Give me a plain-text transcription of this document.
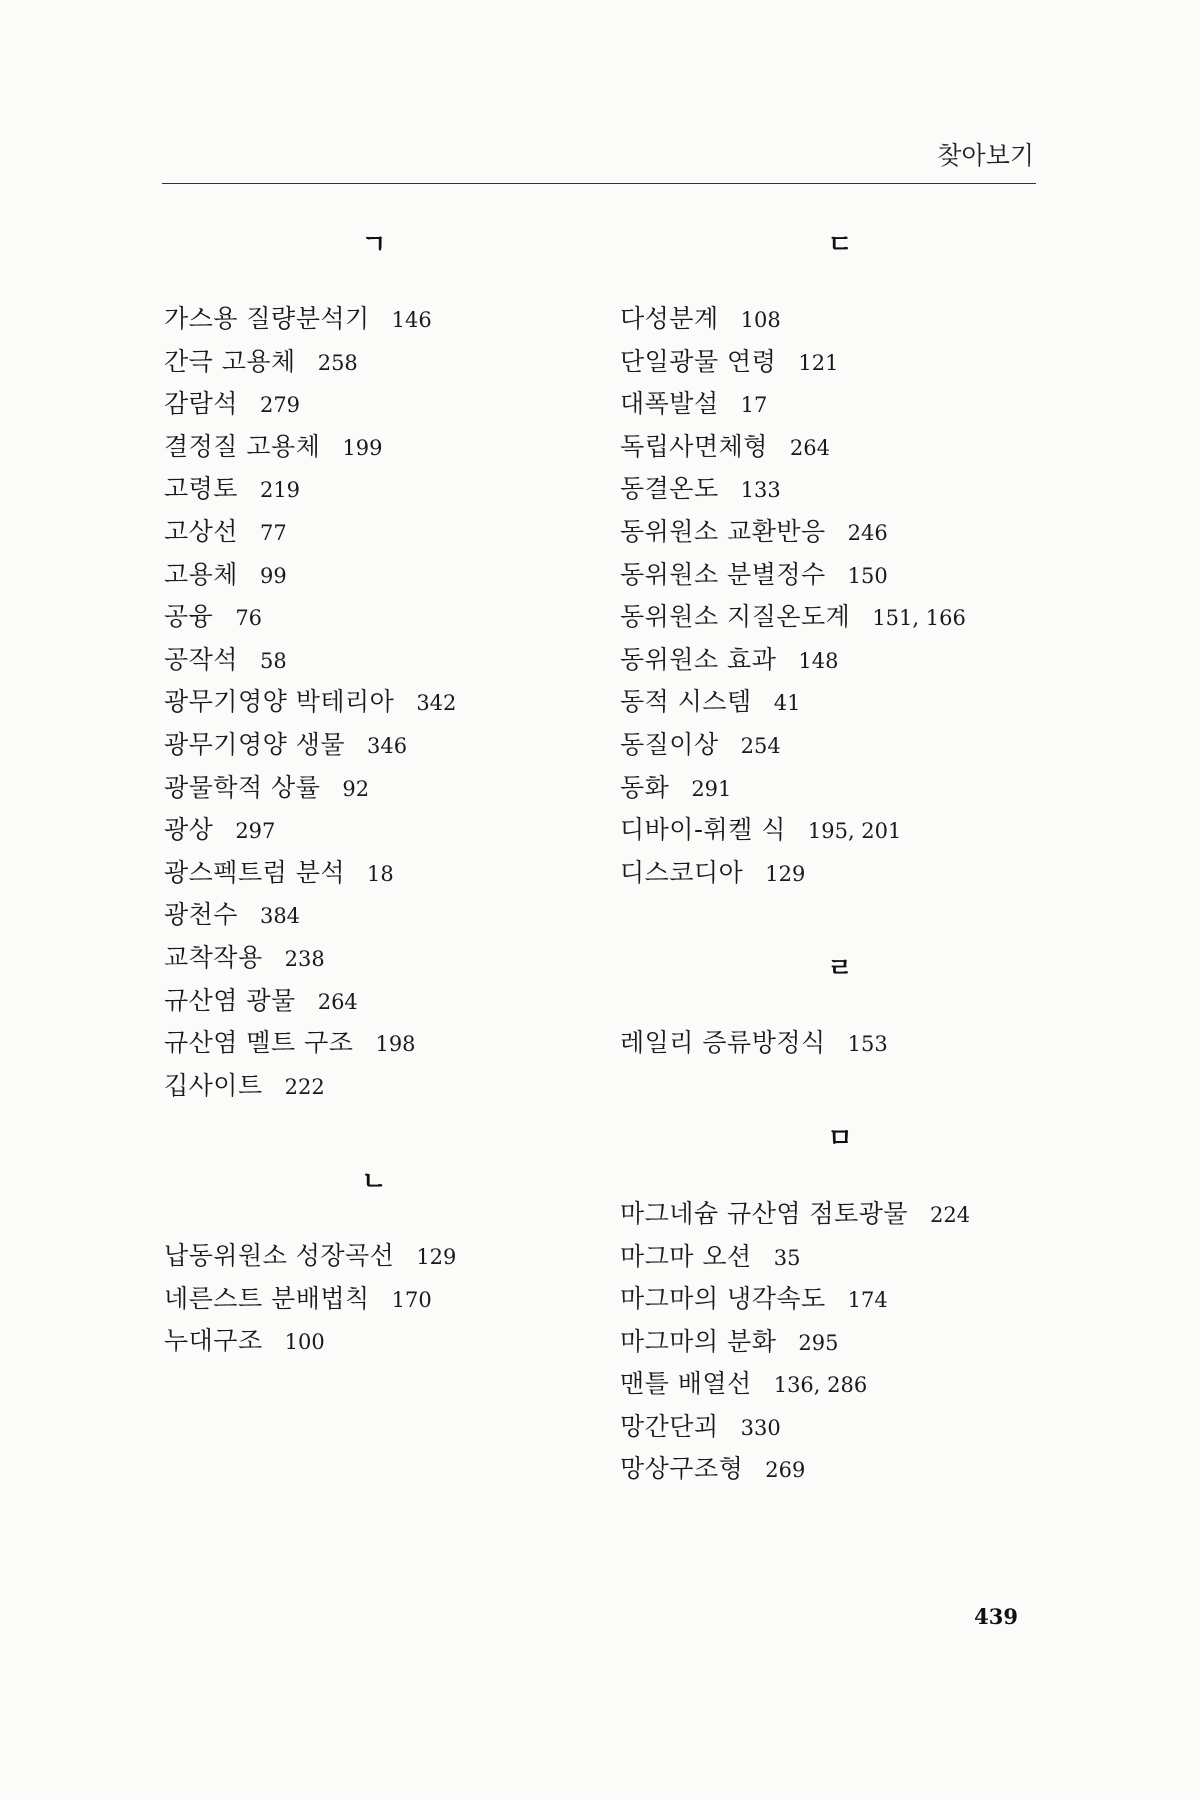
찾아보기
ㄱ
가스용 질량분석기 146
간극 고용체 258
감람석 279
결정질 고용체 199
고령토 219
고상선 77
고용체 99
공융 76
공작석 58
광무기영양 박테리아 342
광무기영양 생물 346
광물학적 상률 92
광상 297
광스펙트럼 분석 18
광천수 384
교착작용 238
규산염 광물 264
규산염 멜트 구조 198
깁사이트 222
ㄴ
납동위원소 성장곡선 129
네른스트 분배법칙 170
누대구조 100
ㄷ
다성분계 108
단일광물 연령 121
대폭발설 17
독립사면체형 264
동결온도 133
동위원소 교환반응 246
동위원소 분별정수 150
동위원소 지질온도계 151, 166
동위원소 효과 148
동적 시스템 41
동질이상 254
동화 291
디바이-휘켈 식 195, 201
디스코디아 129
ㄹ
레일리 증류방정식 153
ㅁ
마그네슘 규산염 점토광물 224
마그마 오션 35
마그마의 냉각속도 174
마그마의 분화 295
맨틀 배열선 136, 286
망간단괴 330
망상구조형 269
439
